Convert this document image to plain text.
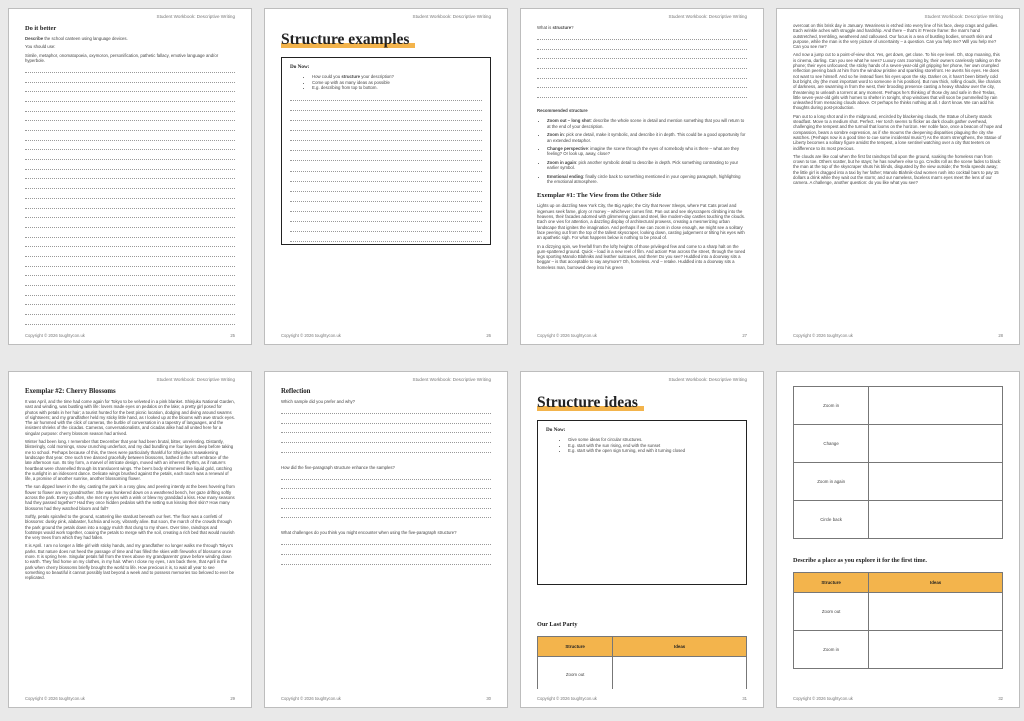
Student Workbook: Descriptive Writing
Do it better

Describe the school canteen using language devices.

You should use:

Simile, metaphor, onomatopoeia, oxymoron, personification, pathetic fallacy, emotive language and/or hyperbole.

Copyright © 2026 toughtycon.uk	25
Student Workbook: Descriptive Writing
Structure examples
Do Now:
• How could you structure your description?
• Come up with as many ideas as possible
• E.g. describing from top to bottom.
Copyright © 2026 toughtycon.uk	26
Student Workbook: Descriptive Writing

What is structure?

Recommended structure

• Zoom out – long shot: describe the whole scene in detail and mention something that you will return to at the end of your description.
• Zoom in: pick one detail, make it symbolic, and describe it in depth. This could be a good opportunity for an extended metaphor.
• Change perspective: imagine the scene through the eyes of somebody who is there – what are they feeling? Or look up, away, close?
• Zoom in again: pick another symbolic detail to describe in depth. Pick something contrasting to your earlier symbol.
• Emotional ending: finally circle back to something mentioned in your opening paragraph, highlighting the emotional atmosphere.
Exemplar #1: The View from the Other Side

Lights up on dazzling New York City, the Big Apple; the City that Never Sleeps, where Fat Cats prowl and ingenues seek fame, glory or money – whichever comes first. Pan out and see skyscrapers climbing into the heavens, their facades adorned with glimmering glass and steel, like modern-day castles touching the clouds. Each one vies for attention, a dazzling display of architectural prowess, creating a mesmerizing urban landscape that ignites the imagination. And perhaps if we can zoom in close enough, we might see a solitary face peering out from the top of the tallest skyscraper, looking down, casting judgement or tilting his eyes with an apathetic sigh. For what happens below is nothing to be proud of.

In a dizzying spin, we freefall from the lofty heights of those privileged few and come to a sharp halt on the gum-spattered ground. Quick – load in a new reel of film. And action! Pan across the street, through the toned legs sporting Manolo Blahniks and leather suitcases, and there! Do you see? Huddled into a doorway sits a beggar – is that acceptable to say anymore? Oh, homeless. And – retake. Huddled into a doorway sits a homeless man, burrowed deep into his green

Copyright © 2026 toughtycon.uk	27
Student Workbook: Descriptive Writing

overcoat on this brisk day in January. Weariness is etched into every line of his face, deep crags and gullies. Each wrinkle aches with struggle and hardship. And there – that's it! Freeze frame: the man's hand outstretched, trembling, weathered and calloused. Our focus is a sea of bustling bodies, smooth skin and purpose, while the man is the very picture of uncertainty – a question. Can you help me? Will you help me? Can you see me?

And now a jump cut to a point-of-view shot. Yes, get down, get close. To his eye level. Oh, stop moaning, this is cinema, darling. Can you see what he sees? Luxury cars zooming by, their owners carelessly talking on the phone; their eyes unfocused; the sticky hands of a seven-year-old girl gripping her phone, her own crumpled reflection peering back at him from the window pristine and sparkling storefront. He averts his eyes. He does not want to see himself. And so he instead fixes his eyes upon the sky. Darker on, it hasn't been bitterly cold but bright, dry (the most important word to someone in his position). But now thick, rolling clouds, like chariots of darkness, are swarming in from the west, their brooding presence casting a heavy shadow over the city, threatening to unleash a torrent at any moment. Perhaps he's thinking of those dry and safe in their Teslas, little seven-year-old girls with homes to shelter in tonight, shop windows that will soon be pummelled by rain unleashed from menacing clouds above. Or perhaps he thinks nothing at all. I don't know. We can add his thoughts during post-production.

Pan out to a long shot and in the midground, encircled by blackening clouds, the Statue of Liberty stands steadfast. Move to a medium shot. Perfect. Her torch seems to flicker as dark clouds gather overhead, challenging the tempest and the turmoil that looms on the horizon. Her noble face, once a beacon of hope and compassion, bears a sombre expression, as if she mourns the deepening disparities plaguing the city she watches. (Perhaps now is a good time to cue some incidental music?) As the storm strengthens, the Statue of Liberty becomes a solitary figure amidst the tempest, a lone sentinel watching over a city that teeters on indifference to its most precious.

The clouds are like coal when the first fat raindrops fall upon the ground, soaking the homeless man from crown to toe. Others scatter, but he stays; he has nowhere else to go. Credits roll as the scene fades to black: the man at the top of the skyscraper shuts his blinds, disgusted by the view outside; the Tesla speeds away; the little girl is dragged into a taxi by her father; Manolo Blahnik-clad women rush into cocktail bars to pay 15 dollars a drink while they wait out the storm; and our nameless, faceless man's eyes meet the lens of our camera. A challenge, another question: do you like what you see?

Copyright © 2026 toughtycon.uk	28
Student Workbook: Descriptive Writing
Exemplar #2: Cherry Blossoms

It was April, and the time had come again for Tokyo to be velveted in a pink blanket. Shinjuku National Garden, vast and winding, was bustling with life: lovers made eyes on pedalos on the lake; a pretty girl posed for photos with petals in her hair; a tourist hunted for the best picnic location, dodging and diving around swarms of sightseers; and my grandfather held my sticky little hand, as I looked up at the blooms with awe struck eyes. The air hummed with the click of cameras, the burble of conversation in a tapestry of languages, and the insistent shrieks of the cicadas. Cameras, conversationalists, and cicadas alike had all united here for a singular purpose: cherry blossom season had arrived.

Winter had been long. I remember that December that year had been brutal, bitter, unrelenting. Distantly, blisteringly, cold mornings, snow crunching underfoot, and my dad bundling me four layers deep before taking me to school. Perhaps because of this, the trees were particularly thankful for Shinjuku's reawakening landscape that year. One such tree danced gracefully between blossoms, bathed in the soft embrace of the late afternoon sun. Its tiny form, a marvel of intricate design, moved with an inherent rhythm, as if nature's heartbeat were channelled through its translucent wings. The bee's body shimmered like liquid gold, catching the sunlight in an iridescent dance. Delicate wings brushed against the petals, each touch was a renewal of life, a promise of another sunrise, another blossoming flower.

The sun dipped lower in the sky, casting the park in a rosy glow, and peering intently at the bees hovering from flower to flower are my grandmother. She was hunkered down on a weathered bench, her gaze drifting softly across the park. Every so often, she met my eyes with a wink or blew my granddad a kiss. How many seasons had they passed together? Had they once hidden pedalos with the setting sun kissing their skin? How many blossoms had they watched bloom and fall?

Softly, petals spiralled to the ground, scattering like stardust beneath our feet. The floor was a confetti of blossoms: dusky pink, alabaster, fuchsia and ivory, vibrantly alive. But soon, the march of the crowds through the park ground the petals down into a soggy mulch that clung to my shoes. Over time, raindrops and footsteps would work together, coaxing the petals to merge with the soil, creating a rich bed that would nourish the very trees from which they had fallen.

It is April. I am no longer a little girl with sticky hands, and my grandfather no longer walks me through Tokyo's parks. But nature does not heed the passage of time and has filled the skies with fireworks of blossoms once more. It is spring here. Singular petals fall from the trees above my grandparents' grave before winding down to earth. They find home on my clothes, in my hair. When I close my eyes, I am back there, that April in the park when cherry blossoms briefly brought the world to life. How precious it is, to wait all year to see something so beautiful it cannot possibly last beyond a week and to possess memories too beloved to ever be replicated.

Copyright © 2026 toughtycon.uk	29
Student Workbook: Descriptive Writing
Reflection

Which sample did you prefer and why?

How did the five-paragraph structure enhance the samples?

What challenges do you think you might encounter when using the five-paragraph structure?

Copyright © 2026 toughtycon.uk	30
Student Workbook: Descriptive Writing
Structure ideas
Do Now:
• Give some ideas for circular structures.
• E.g. start with the sun rising, end with the sunset
• E.g. start with the open sign turning, end with it turning closed
Our Last Party
Structure	Ideas
Zoom out	
Copyright © 2026 toughtycon.uk	31
Zoom in	
Change	
Zoom in again	
Circle back	
Describe a place as you explore it for the first time.
Structure	Ideas
Zoom out	
Zoom in	
Copyright © 2026 toughtycon.uk	32
